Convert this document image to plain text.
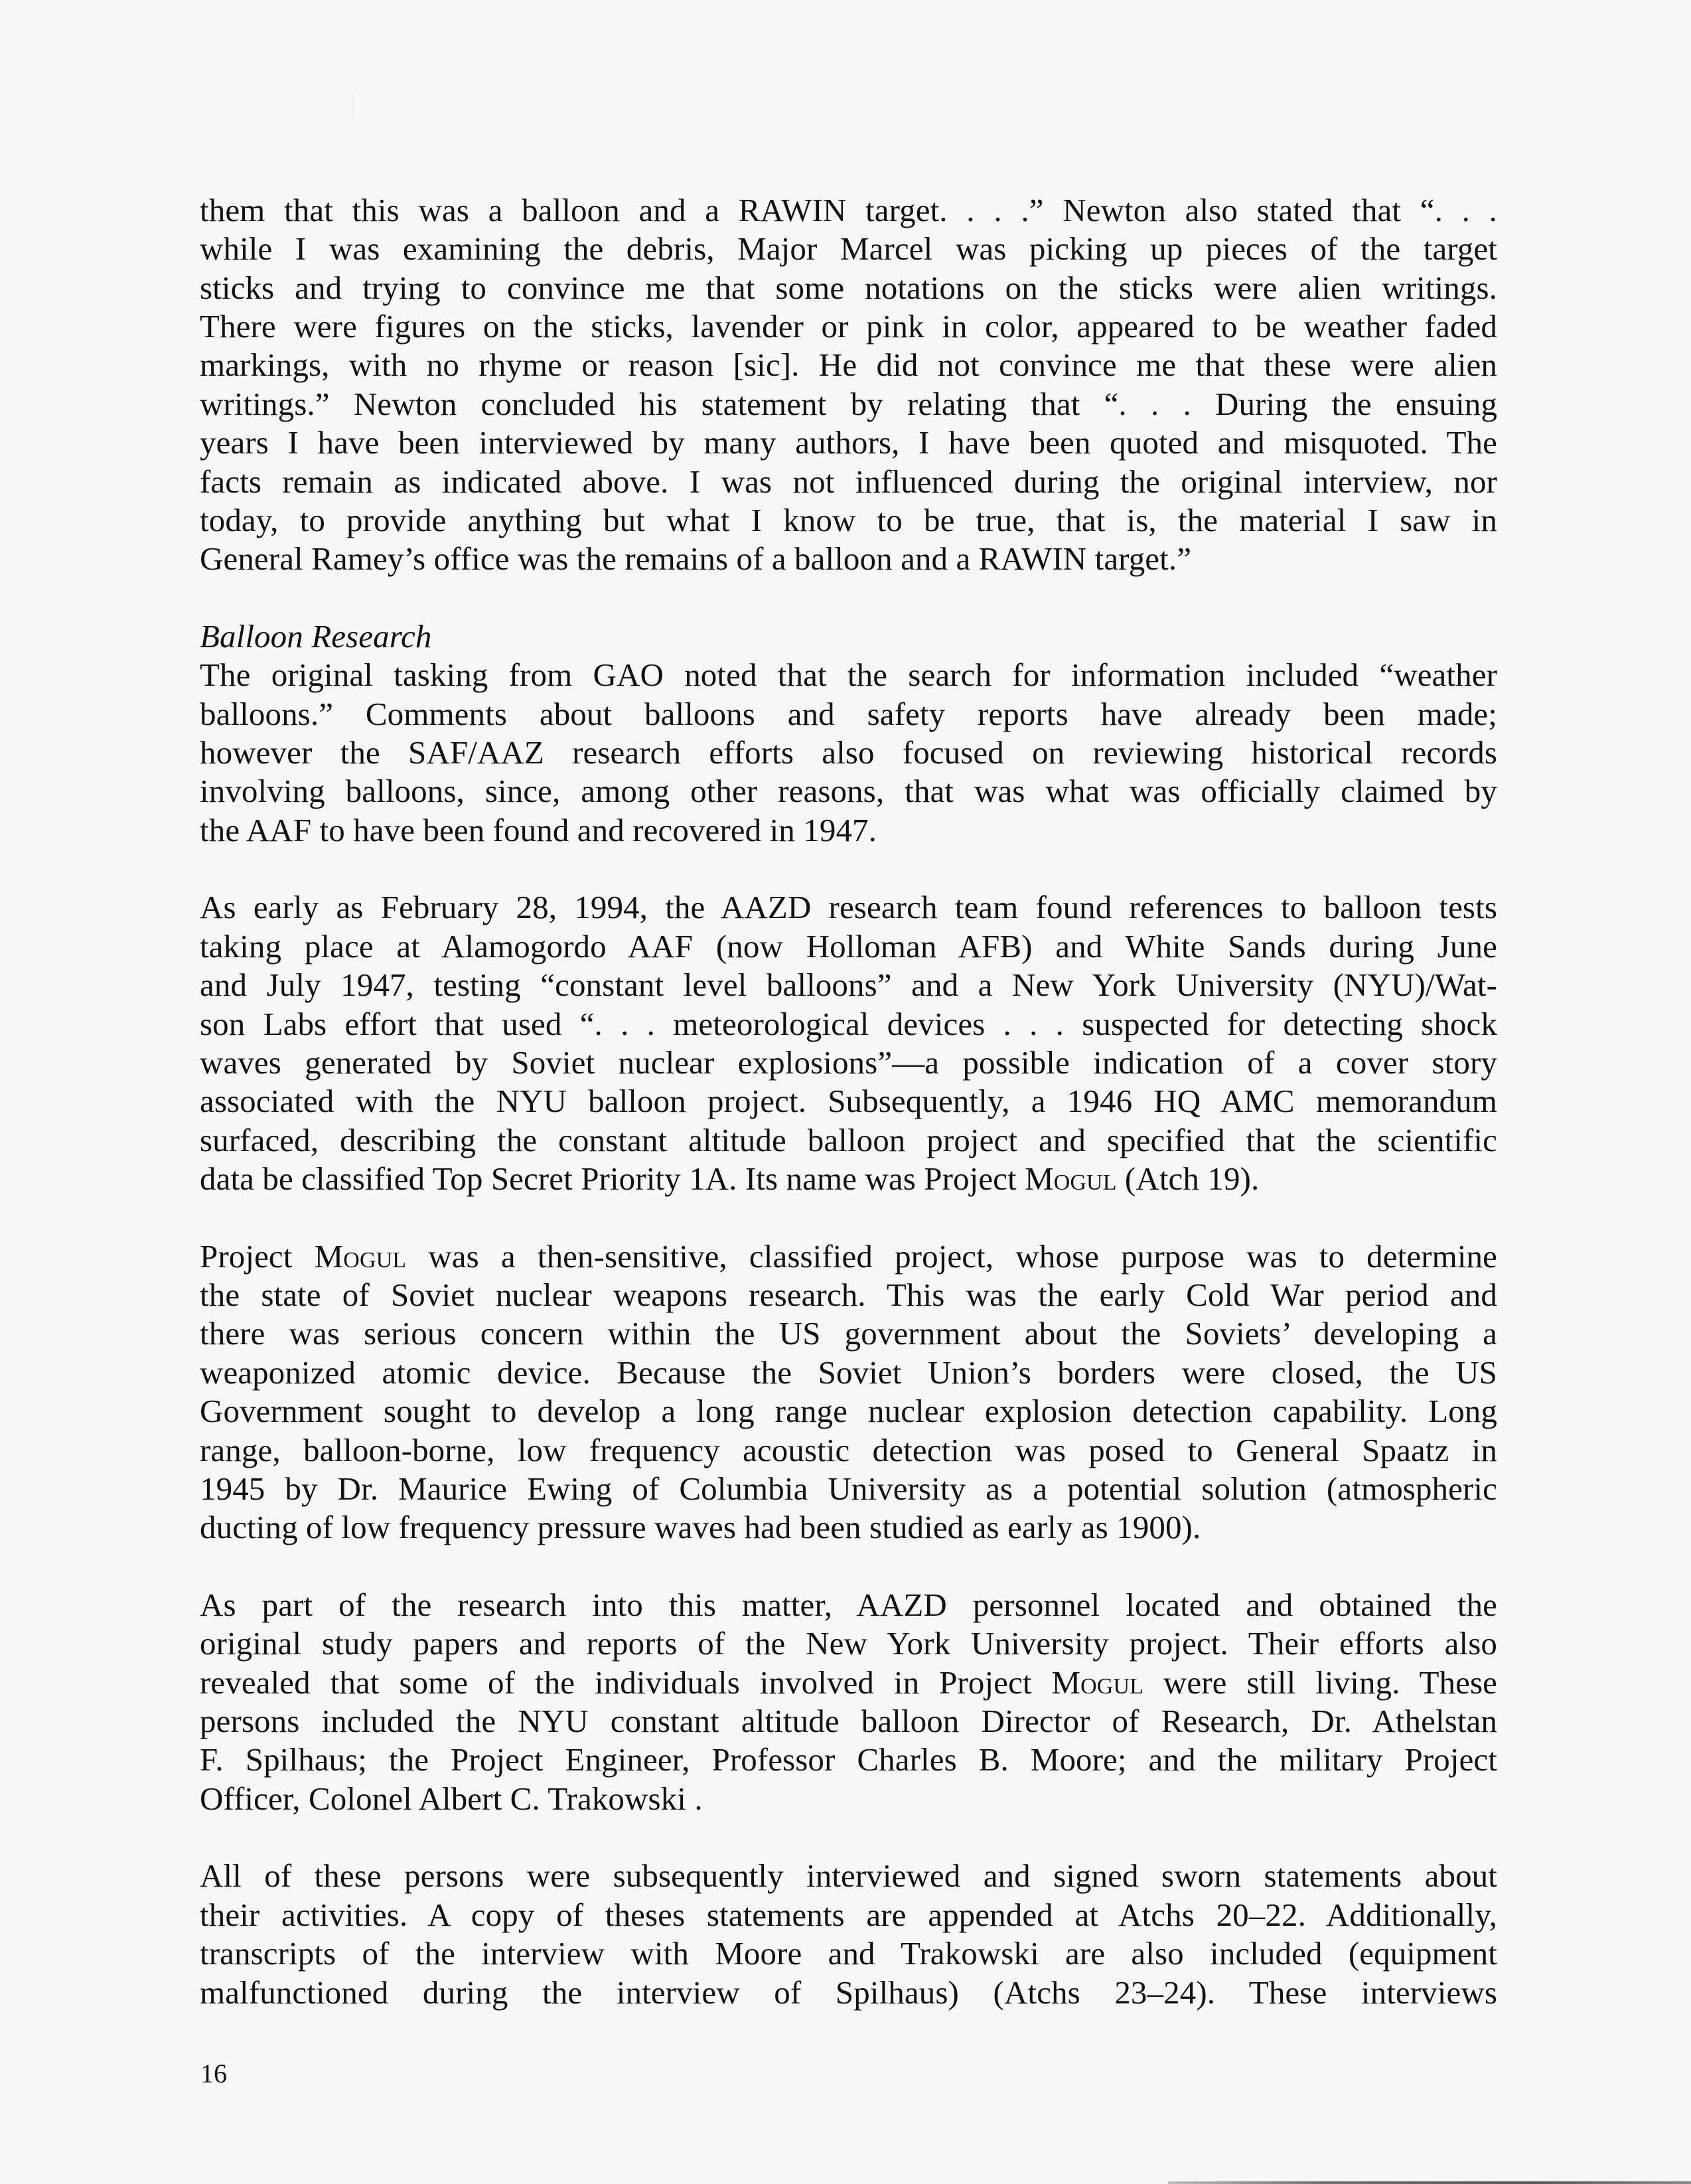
them that this was a balloon and a RAWIN target. . . .” Newton also stated that “. . .
while I was examining the debris, Major Marcel was picking up pieces of the target
sticks and trying to convince me that some notations on the sticks were alien writings.
There were figures on the sticks, lavender or pink in color, appeared to be weather faded
markings, with no rhyme or reason [sic]. He did not convince me that these were alien
writings.” Newton concluded his statement by relating that “. . . During the ensuing
years I have been interviewed by many authors, I have been quoted and misquoted. The
facts remain as indicated above. I was not influenced during the original interview, nor
today, to provide anything but what I know to be true, that is, the material I saw in
General Ramey’s office was the remains of a balloon and a RAWIN target.”
Balloon Research
The original tasking from GAO noted that the search for information included “weather
balloons.” Comments about balloons and safety reports have already been made;
however the SAF/AAZ research efforts also focused on reviewing historical records
involving balloons, since, among other reasons, that was what was officially claimed by
the AAF to have been found and recovered in 1947.
As early as February 28, 1994, the AAZD research team found references to balloon tests
taking place at Alamogordo AAF (now Holloman AFB) and White Sands during June
and July 1947, testing “constant level balloons” and a New York University (NYU)/Wat-
son Labs effort that used “. . . meteorological devices . . . suspected for detecting shock
waves generated by Soviet nuclear explosions”—a possible indication of a cover story
associated with the NYU balloon project. Subsequently, a 1946 HQ AMC memorandum
surfaced, describing the constant altitude balloon project and specified that the scientific
data be classified Top Secret Priority 1A. Its name was Project Mogul (Atch 19).
Project Mogul was a then-sensitive, classified project, whose purpose was to determine
the state of Soviet nuclear weapons research. This was the early Cold War period and
there was serious concern within the US government about the Soviets’ developing a
weaponized atomic device. Because the Soviet Union’s borders were closed, the US
Government sought to develop a long range nuclear explosion detection capability. Long
range, balloon-borne, low frequency acoustic detection was posed to General Spaatz in
1945 by Dr. Maurice Ewing of Columbia University as a potential solution (atmospheric
ducting of low frequency pressure waves had been studied as early as 1900).
As part of the research into this matter, AAZD personnel located and obtained the
original study papers and reports of the New York University project. Their efforts also
revealed that some of the individuals involved in Project Mogul were still living. These
persons included the NYU constant altitude balloon Director of Research, Dr. Athelstan
F. Spilhaus; the Project Engineer, Professor Charles B. Moore; and the military Project
Officer, Colonel Albert C. Trakowski .
All of these persons were subsequently interviewed and signed sworn statements about
their activities. A copy of theses statements are appended at Atchs 20–22. Additionally,
transcripts of the interview with Moore and Trakowski are also included (equipment
malfunctioned during the interview of Spilhaus) (Atchs 23–24). These interviews
16
